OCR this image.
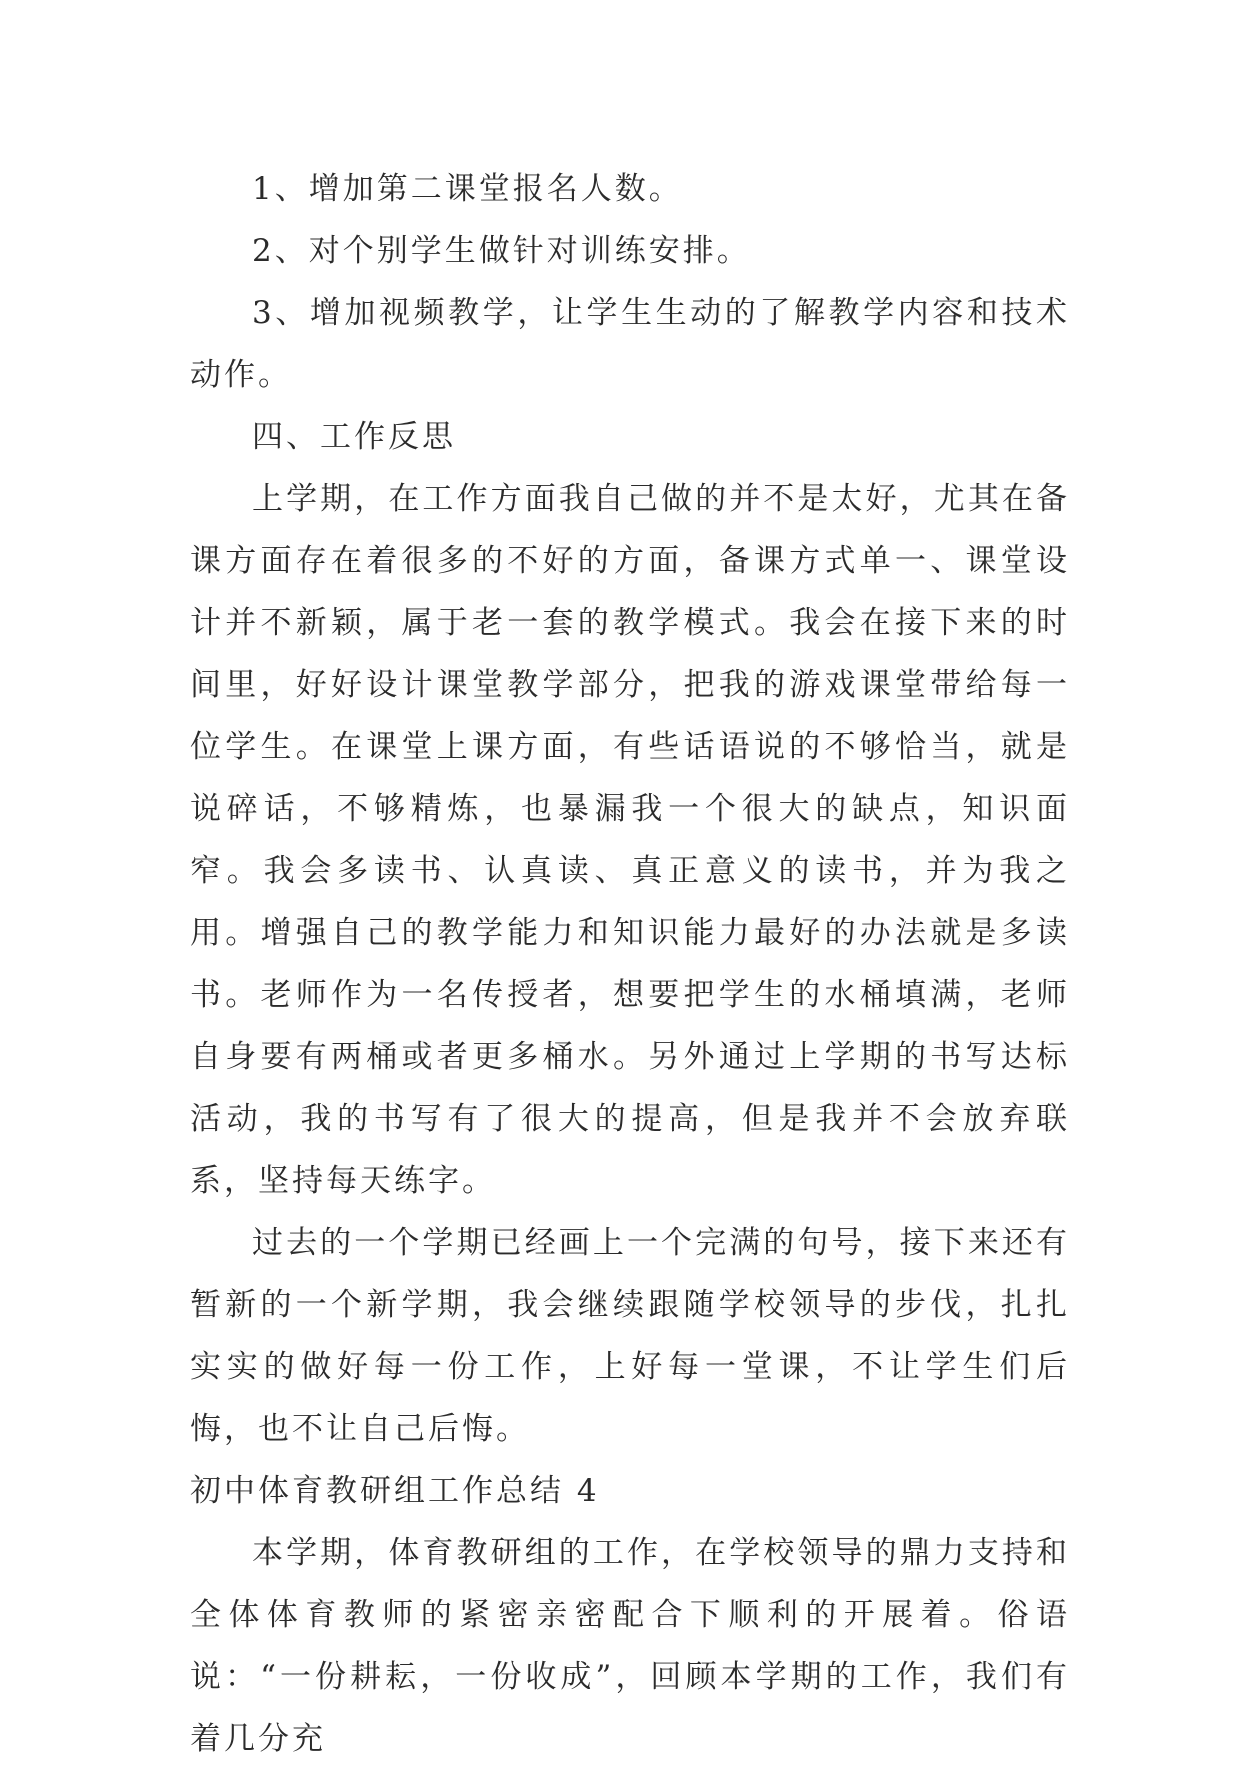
1、增加第二课堂报名人数。

2、对个别学生做针对训练安排。

3、增加视频教学，让学生生动的了解教学内容和技术动作。

四、工作反思

上学期，在工作方面我自己做的并不是太好，尤其在备课方面存在着很多的不好的方面，备课方式单一、课堂设计并不新颖，属于老一套的教学模式。我会在接下来的时间里，好好设计课堂教学部分，把我的游戏课堂带给每一位学生。在课堂上课方面，有些话语说的不够恰当，就是说碎话，不够精炼，也暴漏我一个很大的缺点，知识面窄。我会多读书、认真读、真正意义的读书，并为我之用。增强自己的教学能力和知识能力最好的办法就是多读书。老师作为一名传授者，想要把学生的水桶填满，老师自身要有两桶或者更多桶水。另外通过上学期的书写达标活动，我的书写有了很大的提高，但是我并不会放弃联系，坚持每天练字。

过去的一个学期已经画上一个完满的句号，接下来还有暂新的一个新学期，我会继续跟随学校领导的步伐，扎扎实实的做好每一份工作，上好每一堂课，不让学生们后悔，也不让自己后悔。

初中体育教研组工作总结 4

本学期，体育教研组的工作，在学校领导的鼎力支持和全体体育教师的紧密亲密配合下顺利的开展着。俗语说：“一份耕耘，一份收成”，回顾本学期的工作，我们有着几分充
